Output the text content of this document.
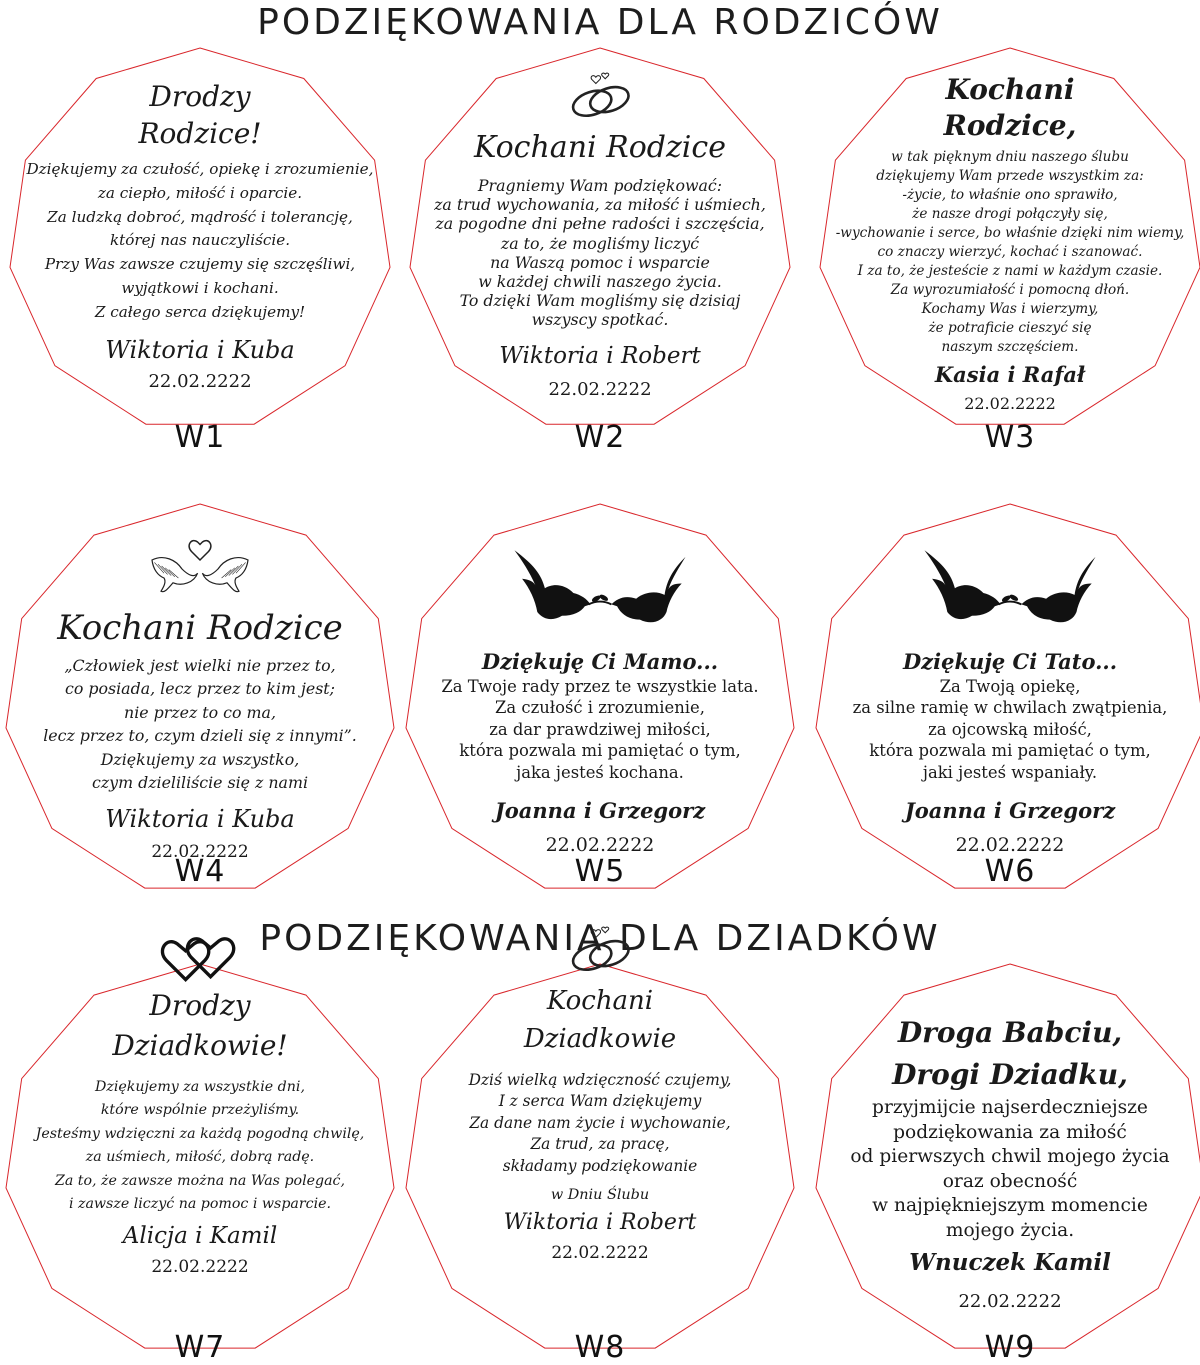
PODZIĘKOWANIA DLA RODZICÓW
PODZIĘKOWANIA DLA DZIADKÓW
Drodzy
Rodzice!
Dziękujemy za czułość, opiekę i zrozumienie,
za ciepło, miłość i oparcie.
Za ludzką dobroć, mądrość i tolerancję,
której nas nauczyliście.
Przy Was zawsze czujemy się szczęśliwi,
wyjątkowi i kochani.
Z całego serca dziękujemy!
Wiktoria i Kuba
22.02.2222
W1
Kochani Rodzice
Pragniemy Wam podziękować:
za trud wychowania, za miłość i uśmiech,
za pogodne dni pełne radości i szczęścia,
za to, że mogliśmy liczyć
na Waszą pomoc i wsparcie
w każdej chwili naszego życia.
To dzięki Wam mogliśmy się dzisiaj
wszyscy spotkać.
Wiktoria i Robert
22.02.2222
W2
Kochani
Rodzice,
w tak pięknym dniu naszego ślubu
dziękujemy Wam przede wszystkim za:
-życie, to właśnie ono sprawiło,
że nasze drogi połączyły się,
-wychowanie i serce, bo właśnie dzięki nim wiemy,
co znaczy wierzyć, kochać i szanować.
I za to, że jesteście z nami w każdym czasie.
Za wyrozumiałość i pomocną dłoń.
Kochamy Was i wierzymy,
że potraficie cieszyć się
naszym szczęściem.
Kasia i Rafał
22.02.2222
W3
Kochani Rodzice
„Człowiek jest wielki nie przez to,
co posiada, lecz przez to kim jest;
nie przez to co ma,
lecz przez to, czym dzieli się z innymi”.
Dziękujemy za wszystko,
czym dzieliliście się z nami
Wiktoria i Kuba
22.02.2222
W4
Dziękuję Ci Mamo...
Za Twoje rady przez te wszystkie lata.
Za czułość i zrozumienie,
za dar prawdziwej miłości,
która pozwala mi pamiętać o tym,
jaka jesteś kochana.
Joanna i Grzegorz
22.02.2222
W5
Dziękuję Ci Tato...
Za Twoją opiekę,
za silne ramię w chwilach zwątpienia,
za ojcowską miłość,
która pozwala mi pamiętać o tym,
jaki jesteś wspaniały.
Joanna i Grzegorz
22.02.2222
W6
Drodzy
Dziadkowie!
Dziękujemy za wszystkie dni,
które wspólnie przeżyliśmy.
Jesteśmy wdzięczni za każdą pogodną chwilę,
za uśmiech, miłość, dobrą radę.
Za to, że zawsze można na Was polegać,
i zawsze liczyć na pomoc i wsparcie.
Alicja i Kamil
22.02.2222
W7
Kochani
Dziadkowie
Dziś wielką wdzięczność czujemy,
I z serca Wam dziękujemy
Za dane nam życie i wychowanie,
Za trud, za pracę,
składamy podziękowanie
w Dniu Ślubu
Wiktoria i Robert
22.02.2222
W8
Droga Babciu,
Drogi Dziadku,
przyjmijcie najserdeczniejsze
podziękowania za miłość
od pierwszych chwil mojego życia
oraz obecność
w najpiękniejszym momencie
mojego życia.
Wnuczek Kamil
22.02.2222
W9
